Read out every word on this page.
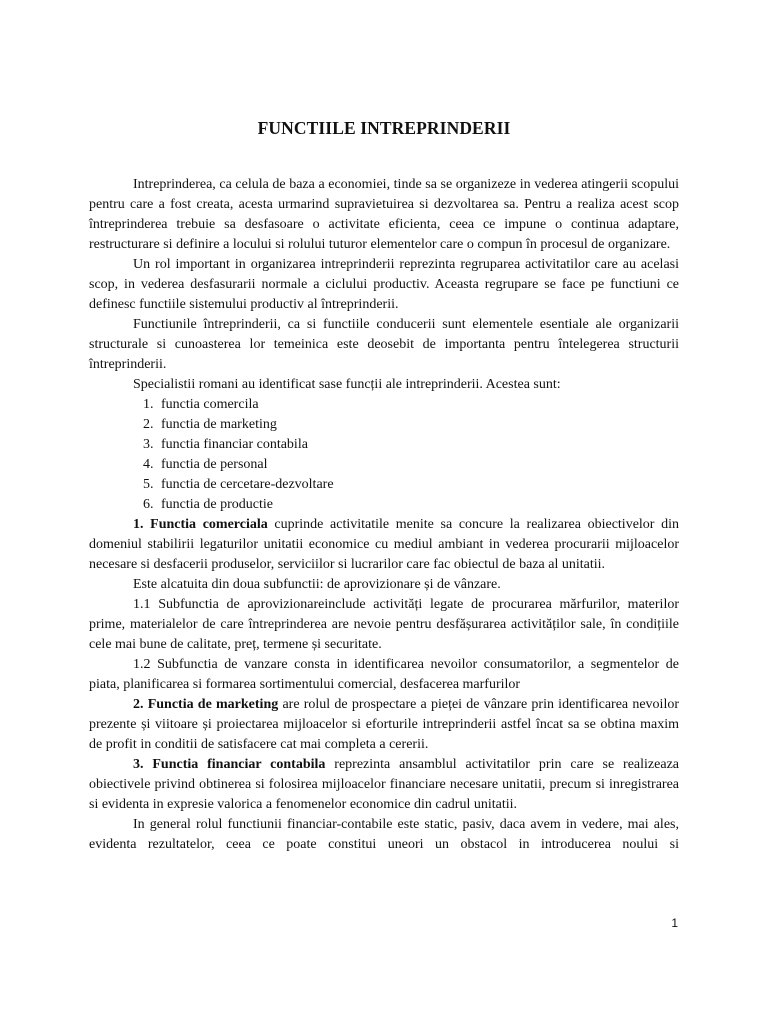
FUNCTIILE INTREPRINDERII

Intreprinderea, ca celula de baza a economiei, tinde sa se organizeze in vederea atingerii scopului pentru care a fost creata, acesta urmarind supravietuirea si dezvoltarea sa. Pentru a realiza acest scop întreprinderea trebuie sa desfasoare o activitate eficienta, ceea ce impune o continua adaptare, restructurare si definire a locului si rolului tuturor elementelor care o compun în procesul de organizare.

Un rol important in organizarea intreprinderii reprezinta regruparea activitatilor care au acelasi scop, in vederea desfasurarii normale a ciclului productiv. Aceasta regrupare se face pe functiuni ce definesc functiile sistemului productiv al întreprinderii.

Functiunile întreprinderii, ca si functiile conducerii sunt elementele esentiale ale organizarii structurale si cunoasterea lor temeinica este deosebit de importanta pentru întelegerea structurii întreprinderii.

Specialistii romani au identificat sase funcții ale intreprinderii. Acestea sunt:

1. functia comercila
2. functia de marketing
3. functia financiar contabila
4. functia de personal
5. functia de cercetare-dezvoltare
6. functia de productie

1. Functia comerciala cuprinde activitatile menite sa concure la realizarea obiectivelor din domeniul stabilirii legaturilor unitatii economice cu mediul ambiant in vederea procurarii mijloacelor necesare si desfacerii produselor, serviciilor si lucrarilor care fac obiectul de baza al unitatii.

Este alcatuita din doua subfunctii: de aprovizionare și de vânzare.

1.1 Subfunctia de aprovizionareinclude activități legate de procurarea mărfurilor, materilor prime, materialelor de care întreprinderea are nevoie pentru desfășurarea activităților sale, în condițiile cele mai bune de calitate, preț, termene și securitate.

1.2 Subfunctia de vanzare consta in identificarea nevoilor consumatorilor, a segmentelor de piata, planificarea si formarea sortimentului comercial, desfacerea marfurilor

2. Functia de marketing are rolul de prospectare a pieței de vânzare prin identificarea nevoilor prezente și viitoare și proiectarea mijloacelor si eforturile intreprinderii astfel încat sa se obtina maxim de profit in conditii de satisfacere cat mai completa a cererii.

3. Functia financiar contabila reprezinta ansamblul activitatilor prin care se realizeaza obiectivele privind obtinerea si folosirea mijloacelor financiare necesare unitatii, precum si inregistrarea si evidenta in expresie valorica a fenomenelor economice din cadrul unitatii.

In general rolul functiunii financiar-contabile este static, pasiv, daca avem in vedere, mai ales, evidenta rezultatelor, ceea ce poate constitui uneori un obstacol in introducerea noului si

1
